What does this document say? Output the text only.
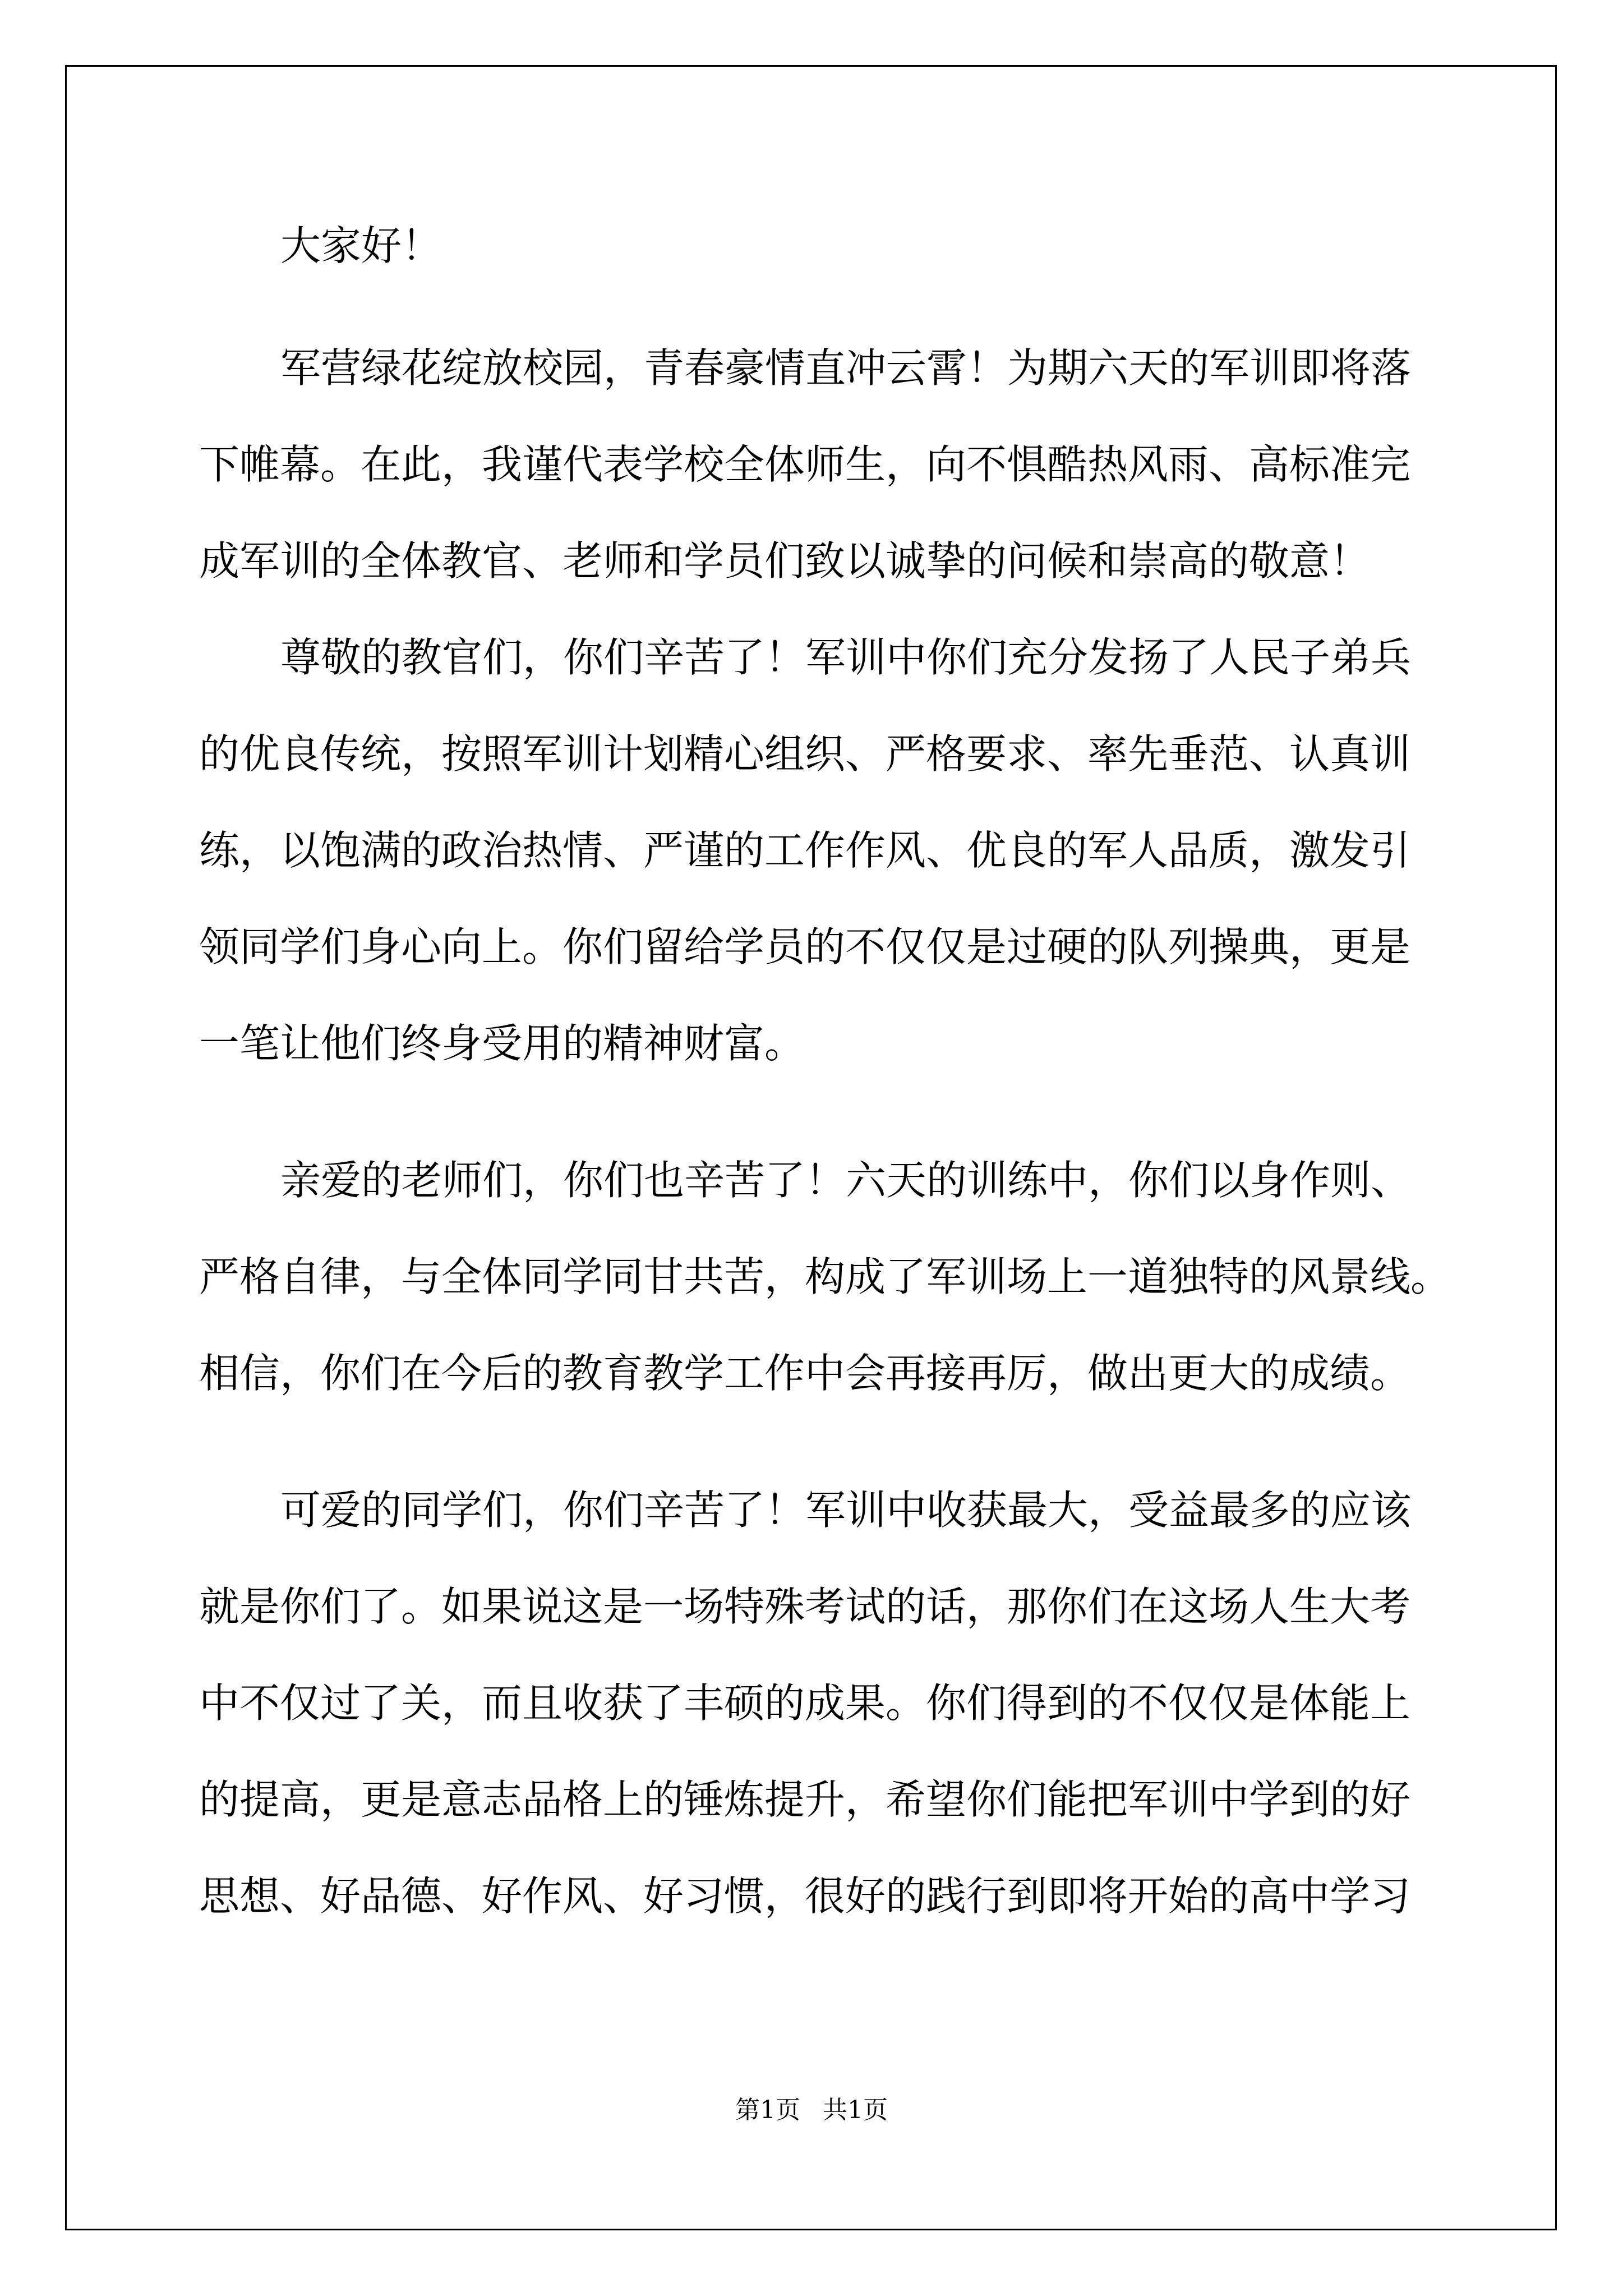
大家好！
军营绿花绽放校园，青春豪情直冲云霄！为期六天的军训即将落
下帷幕。在此，我谨代表学校全体师生，向不惧酷热风雨、高标准完
成军训的全体教官、老师和学员们致以诚挚的问候和崇高的敬意！
尊敬的教官们，你们辛苦了！军训中你们充分发扬了人民子弟兵
的优良传统，按照军训计划精心组织、严格要求、率先垂范、认真训
练，以饱满的政治热情、严谨的工作作风、优良的军人品质，激发引
领同学们身心向上。你们留给学员的不仅仅是过硬的队列操典，更是
一笔让他们终身受用的精神财富。
亲爱的老师们，你们也辛苦了！六天的训练中，你们以身作则、
严格自律，与全体同学同甘共苦，构成了军训场上一道独特的风景线。
相信，你们在今后的教育教学工作中会再接再厉，做出更大的成绩。
可爱的同学们，你们辛苦了！军训中收获最大，受益最多的应该
就是你们了。如果说这是一场特殊考试的话，那你们在这场人生大考
中不仅过了关，而且收获了丰硕的成果。你们得到的不仅仅是体能上
的提高，更是意志品格上的锤炼提升，希望你们能把军训中学到的好
思想、好品德、好作风、好习惯，很好的践行到即将开始的高中学习
第1页 共1页
